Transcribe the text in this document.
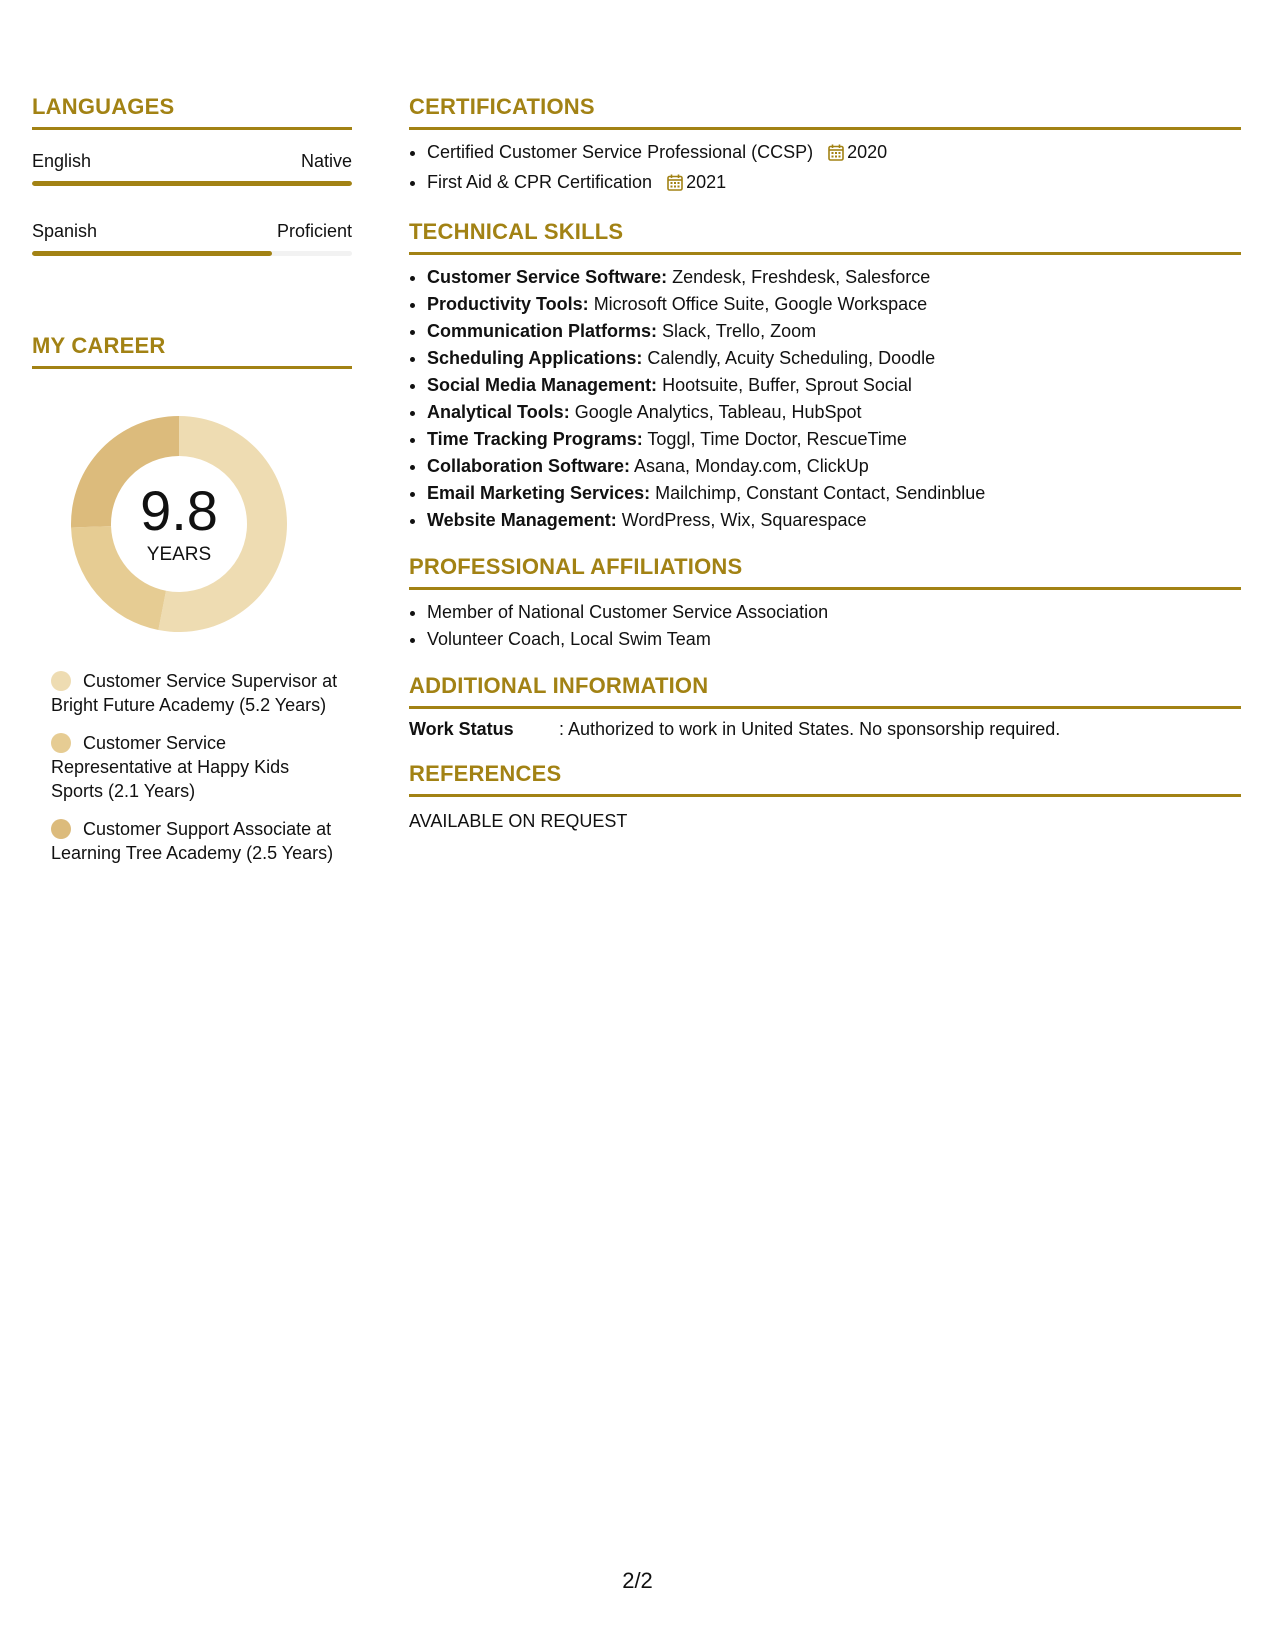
LANGUAGES
English	Native
Spanish	Proficient
MY CAREER
9.8
YEARS
Customer Service Supervisor at Bright Future Academy (5.2 Years)
Customer Service Representative at Happy Kids Sports (2.1 Years)
Customer Support Associate at Learning Tree Academy (2.5 Years)
CERTIFICATIONS
• Certified Customer Service Professional (CCSP) 2020
• First Aid & CPR Certification 2021
TECHNICAL SKILLS
• Customer Service Software: Zendesk, Freshdesk, Salesforce
• Productivity Tools: Microsoft Office Suite, Google Workspace
• Communication Platforms: Slack, Trello, Zoom
• Scheduling Applications: Calendly, Acuity Scheduling, Doodle
• Social Media Management: Hootsuite, Buffer, Sprout Social
• Analytical Tools: Google Analytics, Tableau, HubSpot
• Time Tracking Programs: Toggl, Time Doctor, RescueTime
• Collaboration Software: Asana, Monday.com, ClickUp
• Email Marketing Services: Mailchimp, Constant Contact, Sendinblue
• Website Management: WordPress, Wix, Squarespace
PROFESSIONAL AFFILIATIONS
• Member of National Customer Service Association
• Volunteer Coach, Local Swim Team
ADDITIONAL INFORMATION
Work Status	: Authorized to work in United States. No sponsorship required.
REFERENCES
AVAILABLE ON REQUEST
2/2
